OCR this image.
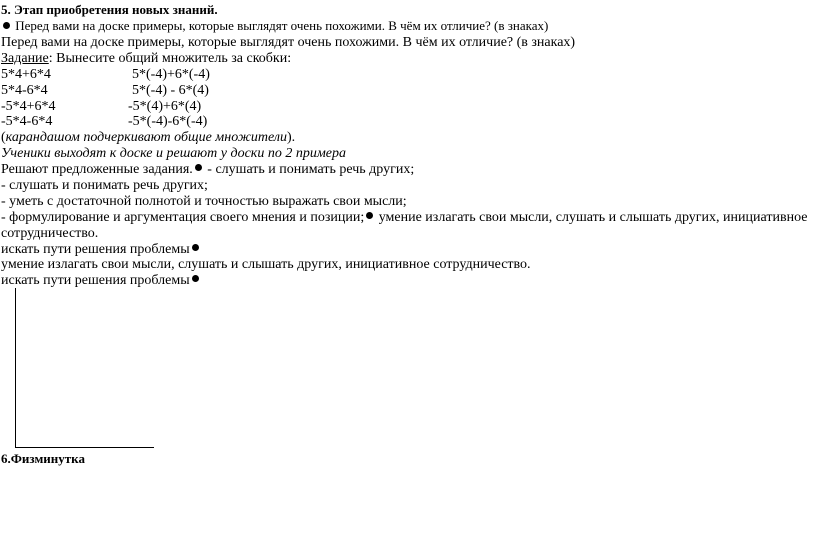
5. Этап приобретения новых знаний.
Перед вами на доске примеры, которые выглядят очень похожими. В чём их отличие? (в знаках)
Перед вами на доске примеры, которые выглядят очень похожими. В чём их отличие? (в знаках)
Задание: Вынесите общий множитель за скобки:
5*4+6*4	5*(-4)+6*(-4)
5*4-6*4	5*(-4) - 6*(4)
-5*4+6*4	-5*(4)+6*(4)
-5*4-6*4	-5*(-4)-6*(-4)
(карандашом подчеркивают общие множители).
Ученики выходят к доске и решают у доски по 2 примера
Решают предложенные задания. - слушать и понимать речь других;
- слушать и понимать речь других;
- уметь с достаточной полнотой и точностью выражать свои мысли;
- формулирование и аргументация своего мнения и позиции; умение излагать свои мысли, слушать и слышать других, инициативное
сотрудничество.
искать пути решения проблемы
умение излагать свои мысли, слушать и слышать других, инициативное сотрудничество.
искать пути решения проблемы
6.Физминутка
